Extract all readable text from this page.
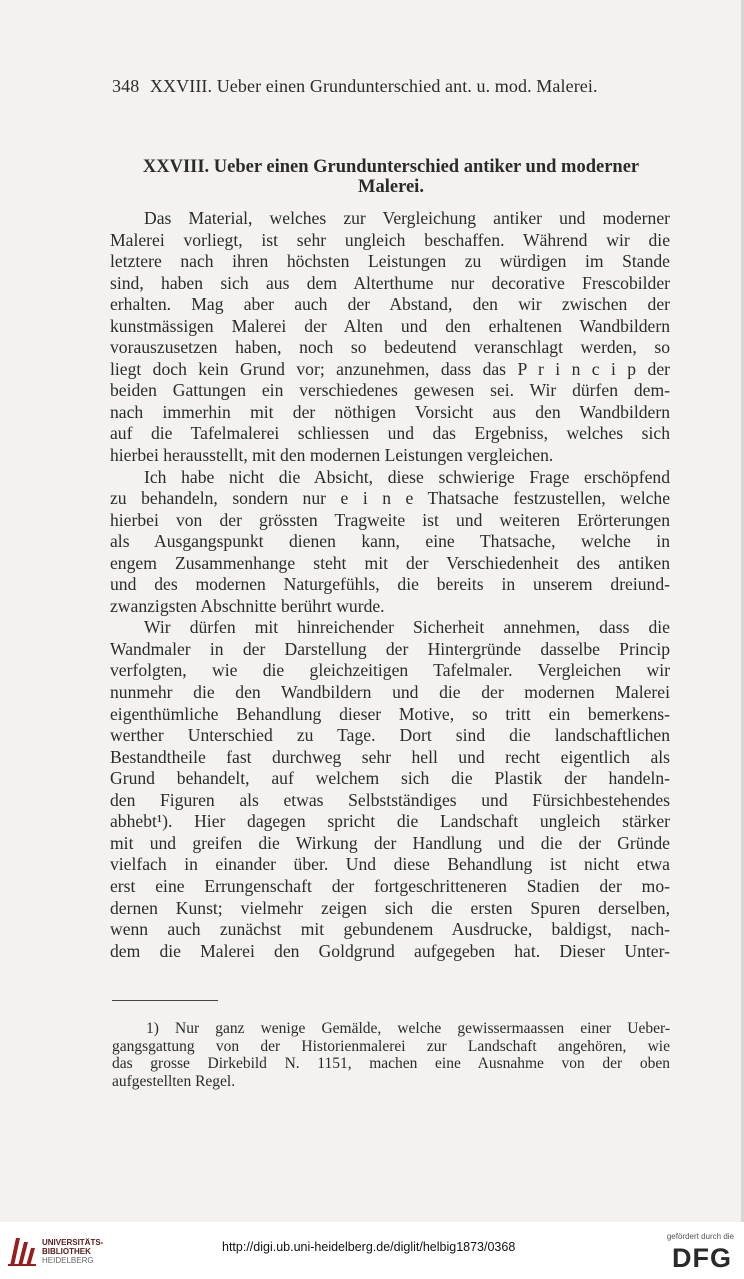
348 XXVIII. Ueber einen Grundunterschied ant. u. mod. Malerei.
XXVIII. Ueber einen Grundunterschied antiker und moderner
Malerei.
Das Material, welches zur Vergleichung antiker und moderner
Malerei vorliegt, ist sehr ungleich beschaffen. Während wir die
letztere nach ihren höchsten Leistungen zu würdigen im Stande
sind, haben sich aus dem Alterthume nur decorative Frescobilder
erhalten. Mag aber auch der Abstand, den wir zwischen der
kunstmässigen Malerei der Alten und den erhaltenen Wandbildern
vorauszusetzen haben, noch so bedeutend veranschlagt werden, so
liegt doch kein Grund vor; anzunehmen, dass das P r i n c i p der
beiden Gattungen ein verschiedenes gewesen sei. Wir dürfen dem-
nach immerhin mit der nöthigen Vorsicht aus den Wandbildern
auf die Tafelmalerei schliessen und das Ergebniss, welches sich
hierbei herausstellt, mit den modernen Leistungen vergleichen.
Ich habe nicht die Absicht, diese schwierige Frage erschöpfend
zu behandeln, sondern nur e i n e Thatsache festzustellen, welche
hierbei von der grössten Tragweite ist und weiteren Erörterungen
als Ausgangspunkt dienen kann, eine Thatsache, welche in
engem Zusammenhange steht mit der Verschiedenheit des antiken
und des modernen Naturgefühls, die bereits in unserem dreiund-
zwanzigsten Abschnitte berührt wurde.
Wir dürfen mit hinreichender Sicherheit annehmen, dass die
Wandmaler in der Darstellung der Hintergründe dasselbe Princip
verfolgten, wie die gleichzeitigen Tafelmaler. Vergleichen wir
nunmehr die den Wandbildern und die der modernen Malerei
eigenthümliche Behandlung dieser Motive, so tritt ein bemerkens-
werther Unterschied zu Tage. Dort sind die landschaftlichen
Bestandtheile fast durchweg sehr hell und recht eigentlich als
Grund behandelt, auf welchem sich die Plastik der handeln-
den Figuren als etwas Selbstständiges und Fürsichbestehendes
abhebt¹). Hier dagegen spricht die Landschaft ungleich stärker
mit und greifen die Wirkung der Handlung und die der Gründe
vielfach in einander über. Und diese Behandlung ist nicht etwa
erst eine Errungenschaft der fortgeschritteneren Stadien der mo-
dernen Kunst; vielmehr zeigen sich die ersten Spuren derselben,
wenn auch zunächst mit gebundenem Ausdrucke, baldigst, nach-
dem die Malerei den Goldgrund aufgegeben hat. Dieser Unter-
1) Nur ganz wenige Gemälde, welche gewissermaassen einer Ueber-
gangsgattung von der Historienmalerei zur Landschaft angehören, wie
das grosse Dirkebild N. 1151, machen eine Ausnahme von der oben
aufgestellten Regel.
UNIVERSITÄTS-
BIBLIOTHEK
HEIDELBERG
http://digi.ub.uni-heidelberg.de/diglit/helbig1873/0368
gefördert durch die
DFG
